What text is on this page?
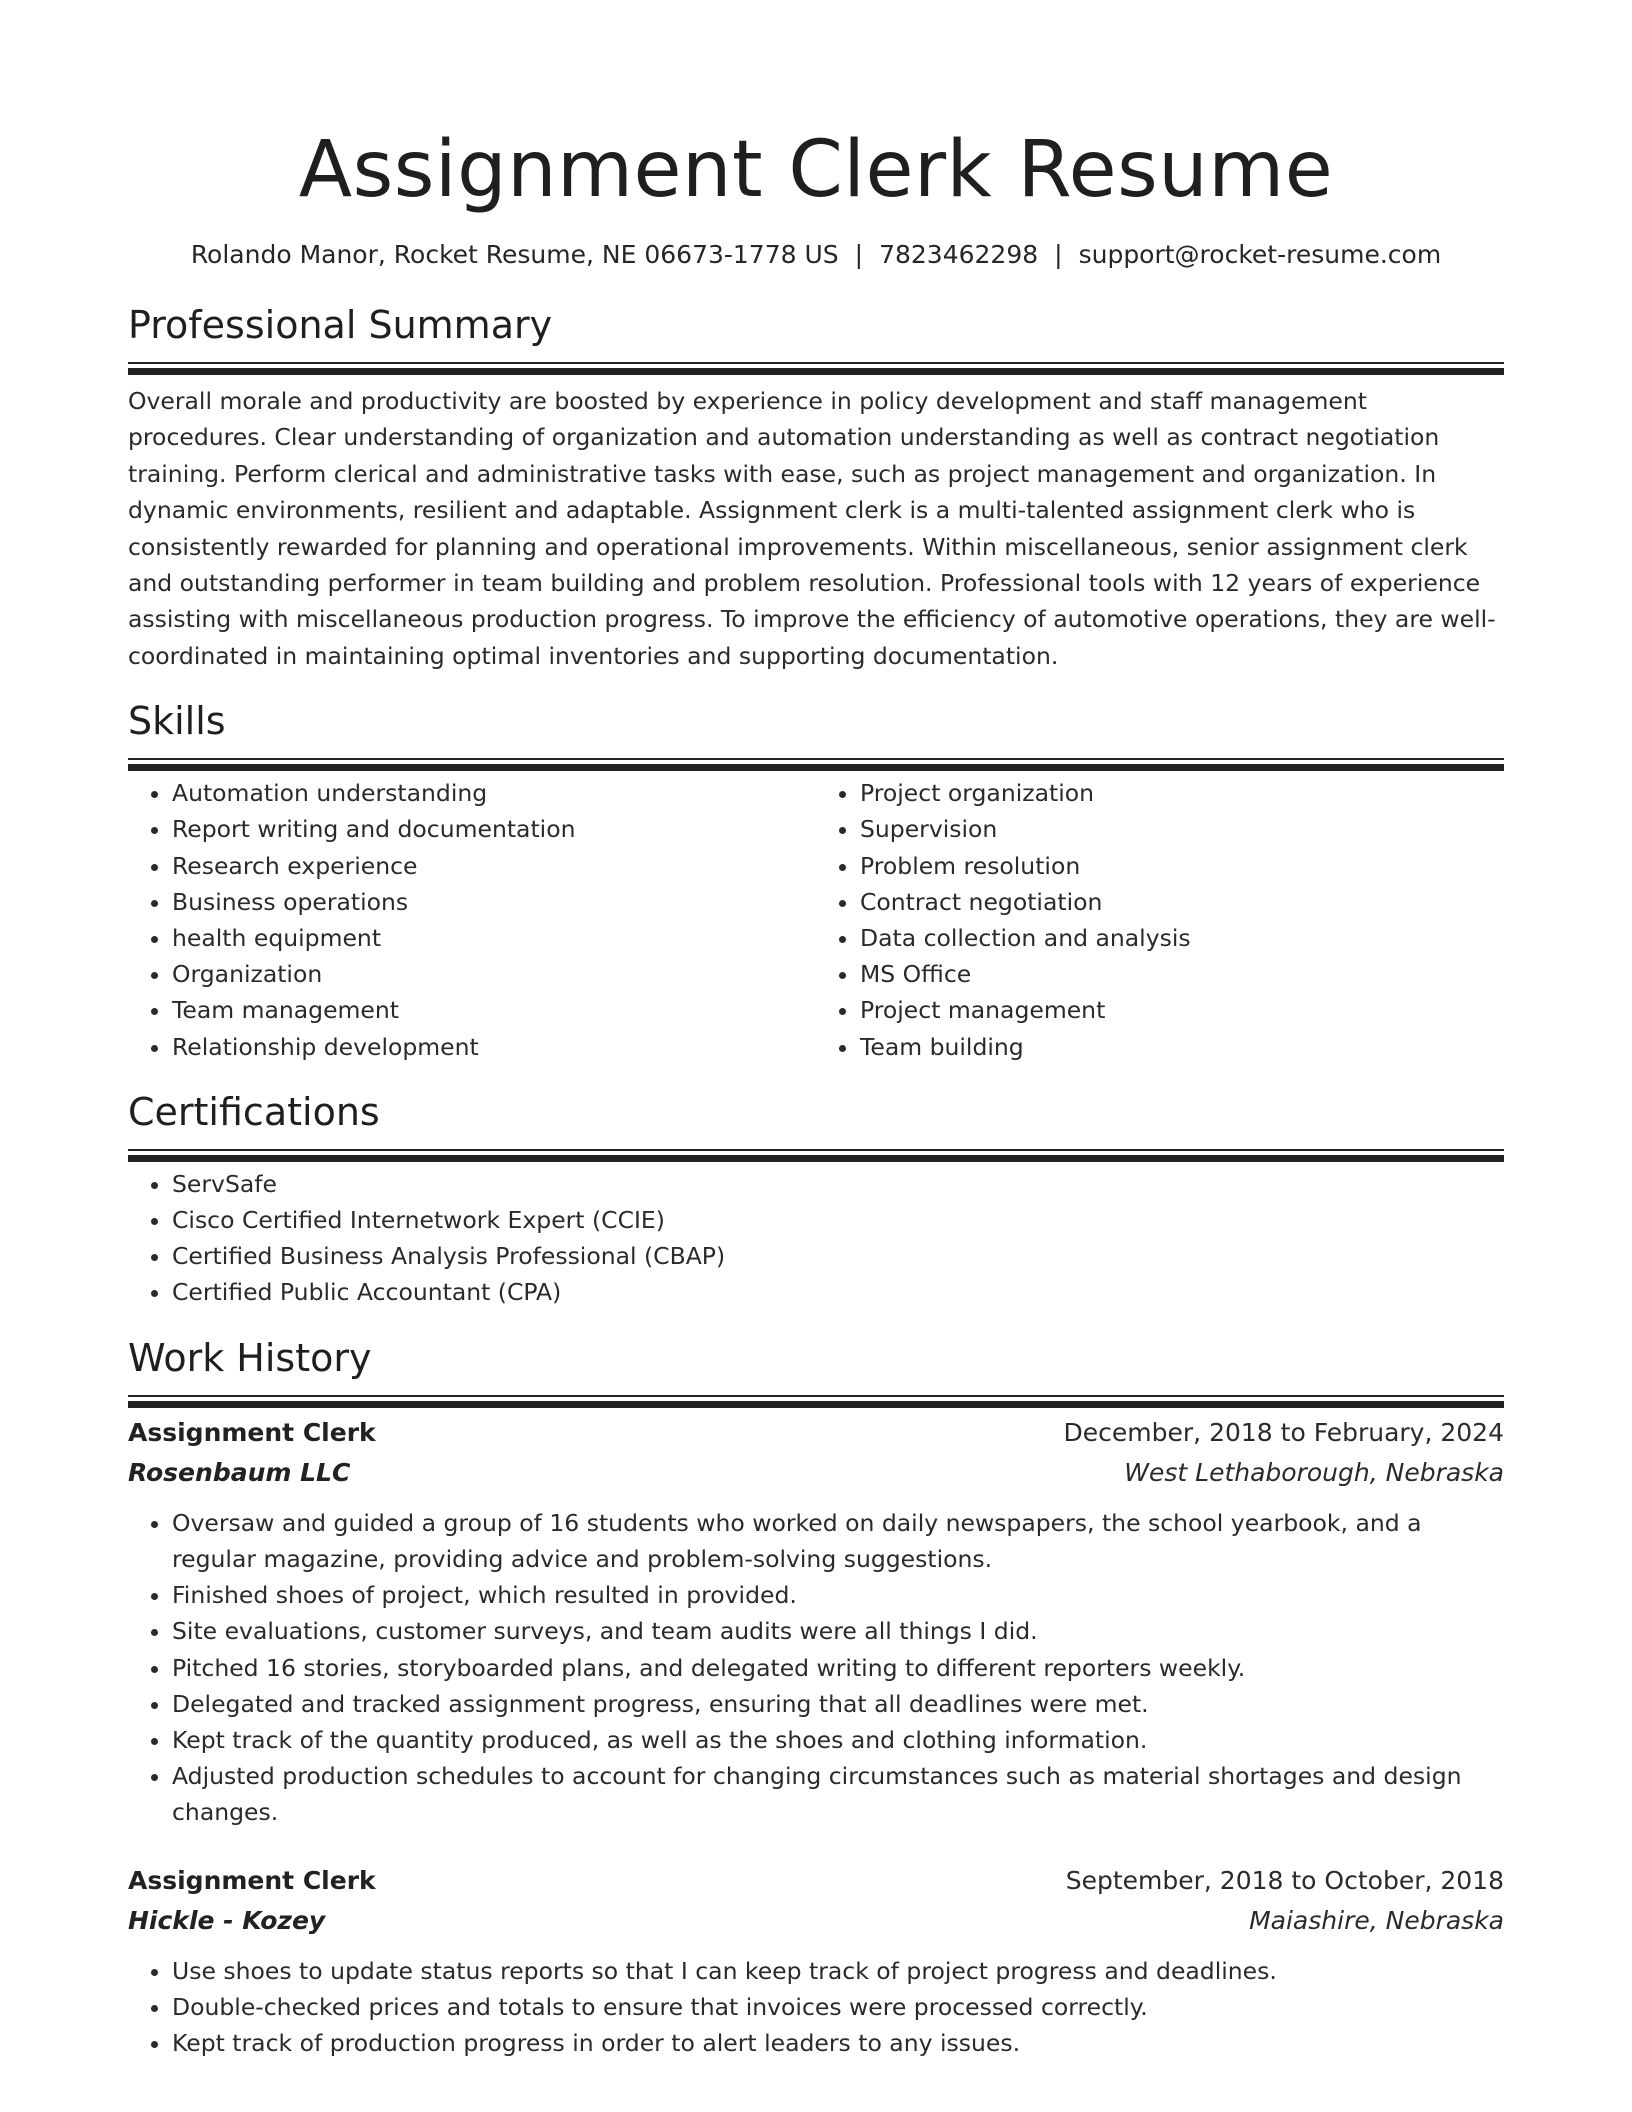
Assignment Clerk Resume
Rolando Manor, Rocket Resume, NE 06673-1778 US | 7823462298 | support@rocket-resume.com
Professional Summary
Overall morale and productivity are boosted by experience in policy development and staff management procedures. Clear understanding of organization and automation understanding as well as contract negotiation training. Perform clerical and administrative tasks with ease, such as project management and organization. In dynamic environments, resilient and adaptable. Assignment clerk is a multi-talented assignment clerk who is consistently rewarded for planning and operational improvements. Within miscellaneous, senior assignment clerk and outstanding performer in team building and problem resolution. Professional tools with 12 years of experience assisting with miscellaneous production progress. To improve the efficiency of automotive operations, they are well-coordinated in maintaining optimal inventories and supporting documentation.
Skills
• Automation understanding
• Report writing and documentation
• Research experience
• Business operations
• health equipment
• Organization
• Team management
• Relationship development
• Project organization
• Supervision
• Problem resolution
• Contract negotiation
• Data collection and analysis
• MS Office
• Project management
• Team building
Certifications
• ServSafe
• Cisco Certified Internetwork Expert (CCIE)
• Certified Business Analysis Professional (CBAP)
• Certified Public Accountant (CPA)
Work History
Assignment Clerk	December, 2018 to February, 2024
Rosenbaum LLC	West Lethaborough, Nebraska
• Oversaw and guided a group of 16 students who worked on daily newspapers, the school yearbook, and a regular magazine, providing advice and problem-solving suggestions.
• Finished shoes of project, which resulted in provided.
• Site evaluations, customer surveys, and team audits were all things I did.
• Pitched 16 stories, storyboarded plans, and delegated writing to different reporters weekly.
• Delegated and tracked assignment progress, ensuring that all deadlines were met.
• Kept track of the quantity produced, as well as the shoes and clothing information.
• Adjusted production schedules to account for changing circumstances such as material shortages and design changes.
Assignment Clerk	September, 2018 to October, 2018
Hickle - Kozey	Maiashire, Nebraska
• Use shoes to update status reports so that I can keep track of project progress and deadlines.
• Double-checked prices and totals to ensure that invoices were processed correctly.
• Kept track of production progress in order to alert leaders to any issues.
